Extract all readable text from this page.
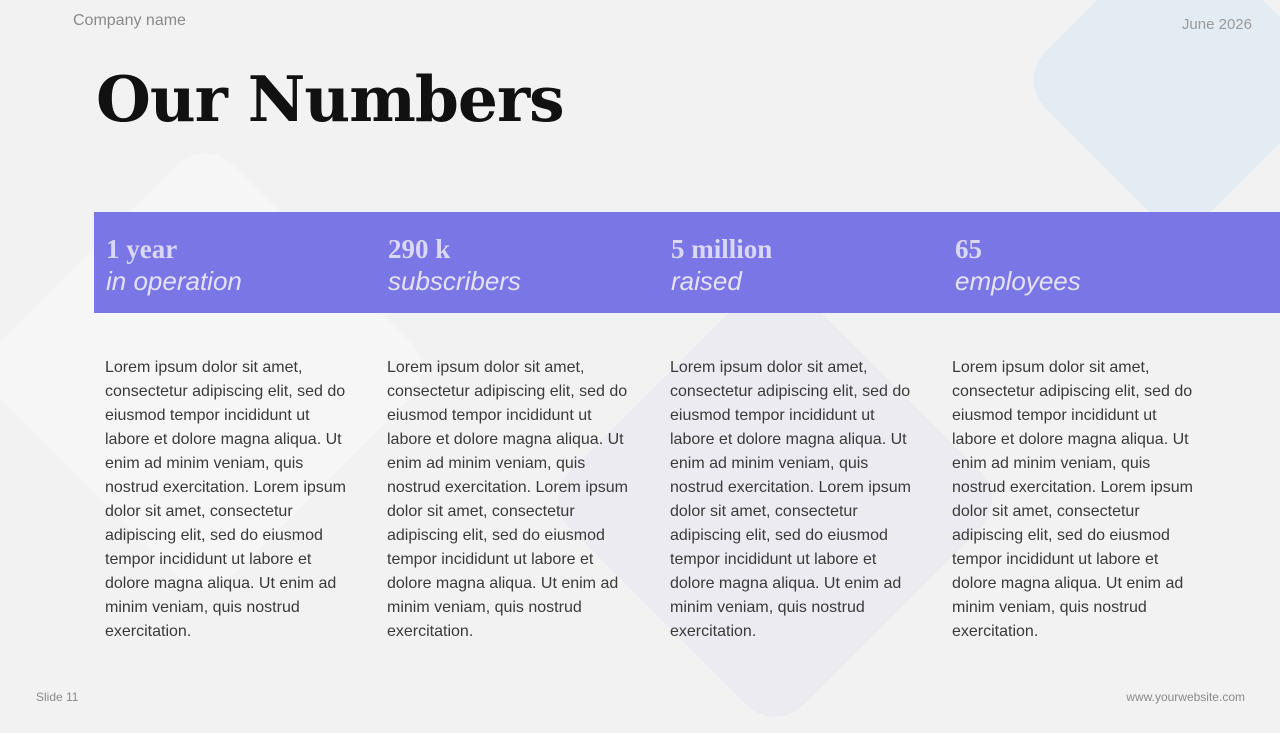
Company name	June 2026
Our Numbers
1 year
in operation
290 k
subscribers
5 million
raised
65
employees
Lorem ipsum dolor sit amet, consectetur adipiscing elit, sed do eiusmod tempor incididunt ut labore et dolore magna aliqua. Ut enim ad minim veniam, quis nostrud exercitation. Lorem ipsum dolor sit amet, consectetur adipiscing elit, sed do eiusmod tempor incididunt ut labore et dolore magna aliqua. Ut enim ad minim veniam, quis nostrud exercitation.
Lorem ipsum dolor sit amet, consectetur adipiscing elit, sed do eiusmod tempor incididunt ut labore et dolore magna aliqua. Ut enim ad minim veniam, quis nostrud exercitation. Lorem ipsum dolor sit amet, consectetur adipiscing elit, sed do eiusmod tempor incididunt ut labore et dolore magna aliqua. Ut enim ad minim veniam, quis nostrud exercitation.
Lorem ipsum dolor sit amet, consectetur adipiscing elit, sed do eiusmod tempor incididunt ut labore et dolore magna aliqua. Ut enim ad minim veniam, quis nostrud exercitation. Lorem ipsum dolor sit amet, consectetur adipiscing elit, sed do eiusmod tempor incididunt ut labore et dolore magna aliqua. Ut enim ad minim veniam, quis nostrud exercitation.
Lorem ipsum dolor sit amet, consectetur adipiscing elit, sed do eiusmod tempor incididunt ut labore et dolore magna aliqua. Ut enim ad minim veniam, quis nostrud exercitation. Lorem ipsum dolor sit amet, consectetur adipiscing elit, sed do eiusmod tempor incididunt ut labore et dolore magna aliqua. Ut enim ad minim veniam, quis nostrud exercitation.
Slide 11	www.yourwebsite.com
